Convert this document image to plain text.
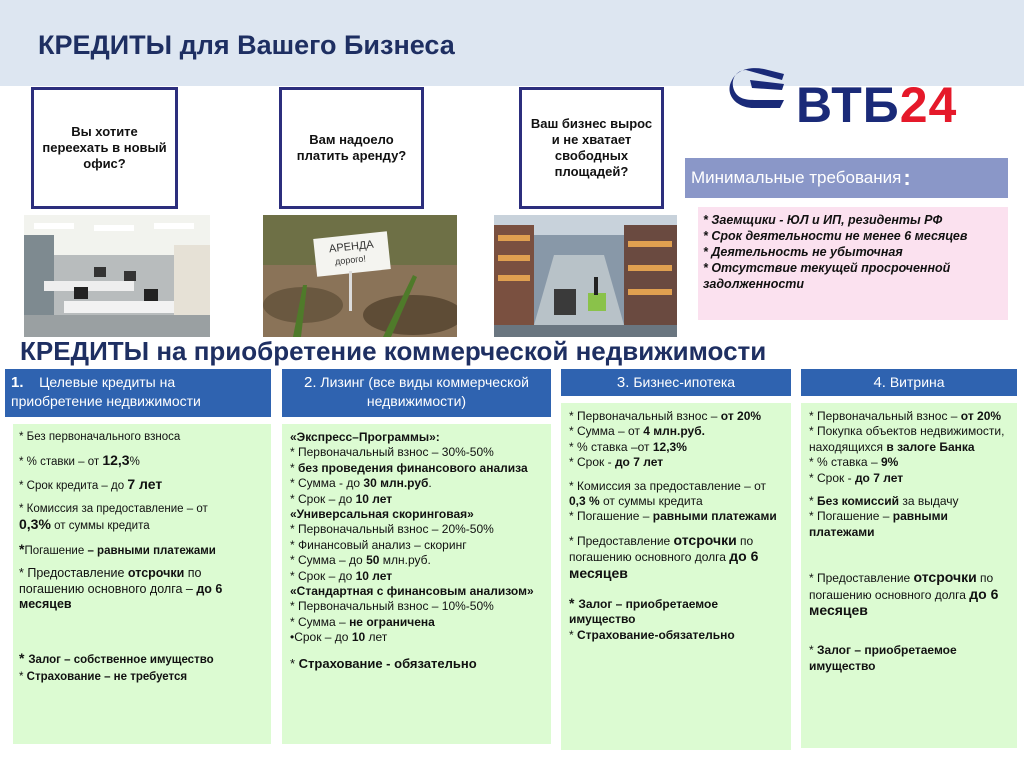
КРЕДИТЫ для Вашего Бизнеса
ВТБ24
Вы хотите переехать в новый офис?
Вам надоело платить аренду?
Ваш бизнес вырос и не хватает свободных площадей?
АРЕНДА
дорого!
Минимальные требования :
* Заемщики - ЮЛ и ИП, резиденты РФ
* Срок деятельности не менее 6 месяцев
* Деятельность не убыточная
* Отсутствие текущей просроченной задолженности
КРЕДИТЫ на приобретение коммерческой недвижимости
1. Целевые кредиты на приобретение недвижимости
2. Лизинг (все виды коммерческой недвижимости)
3. Бизнес-ипотека	4. Витрина

* Без первоначального взноса

* % ставки – от 12,3%

* Срок кредита – до 7 лет

* Комиссия за предоставление – от
0,3% от суммы кредита

*Погашение – равными платежами

* Предоставление отсрочки по погашению основного долга – до 6 месяцев

* Залог – собственное имущество

* Страхование – не требуется

«Экспресс–Программы»:

* Первоначальный взнос – 30%-50%

* без проведения финансового анализа

* Сумма - до 30 млн.руб.

* Срок – до 10 лет

«Универсальная скоринговая»

* Первоначальный взнос – 20%-50%

* Финансовый анализ – скоринг

* Сумма – до 50 млн.руб.

* Срок – до 10 лет

«Стандартная с финансовым анализом»

* Первоначальный взнос – 10%-50%

* Сумма – не ограничена

•Срок – до 10 лет

* Страхование - обязательно

* Первоначальный взнос – от 20%

* Сумма – от 4 млн.руб.

* % ставка –от 12,3%

* Срок - до 7 лет

* Комиссия за предоставление – от 0,3 % от суммы кредита

* Погашение – равными платежами

* Предоставление отсрочки по погашению основного долга до 6 месяцев

* Залог – приобретаемое имущество

* Страхование-обязательно

* Первоначальный взнос – от 20%

* Покупка объектов недвижимости, находящихся в залоге Банка

* % ставка – 9%

* Срок - до 7 лет

* Без комиссий за выдачу

* Погашение – равными платежами

* Предоставление отсрочки по погашению основного долга до 6 месяцев

* Залог – приобретаемое имущество
